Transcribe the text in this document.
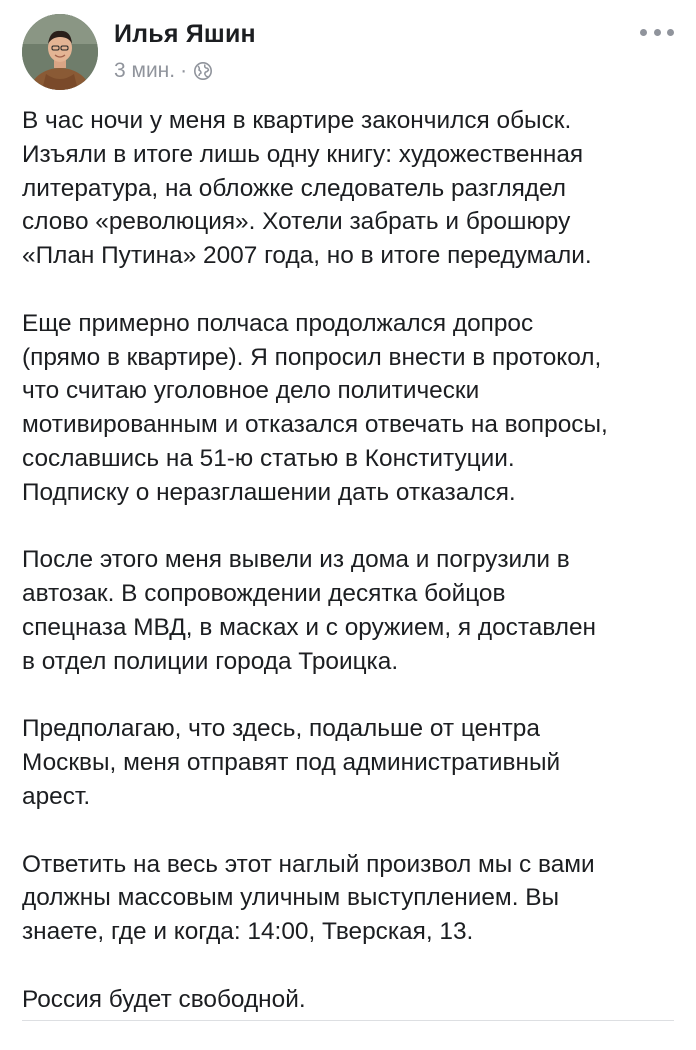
Илья Яшин
3 мин. ·

В час ночи у меня в квартире закончился обыск.
Изъяли в итоге лишь одну книгу: художественная
литература, на обложке следователь разглядел
слово «революция». Хотели забрать и брошюру
«План Путина» 2007 года, но в итоге передумали.

Еще примерно полчаса продолжался допрос
(прямо в квартире). Я попросил внести в протокол,
что считаю уголовное дело политически
мотивированным и отказался отвечать на вопросы,
сославшись на 51-ю статью в Конституции.
Подписку о неразглашении дать отказался.

После этого меня вывели из дома и погрузили в
автозак. В сопровождении десятка бойцов
спецназа МВД, в масках и с оружием, я доставлен
в отдел полиции города Троицка.

Предполагаю, что здесь, подальше от центра
Москвы, меня отправят под административный
арест.

Ответить на весь этот наглый произвол мы с вами
должны массовым уличным выступлением. Вы
знаете, где и когда: 14:00, Тверская, 13.

Россия будет свободной.
